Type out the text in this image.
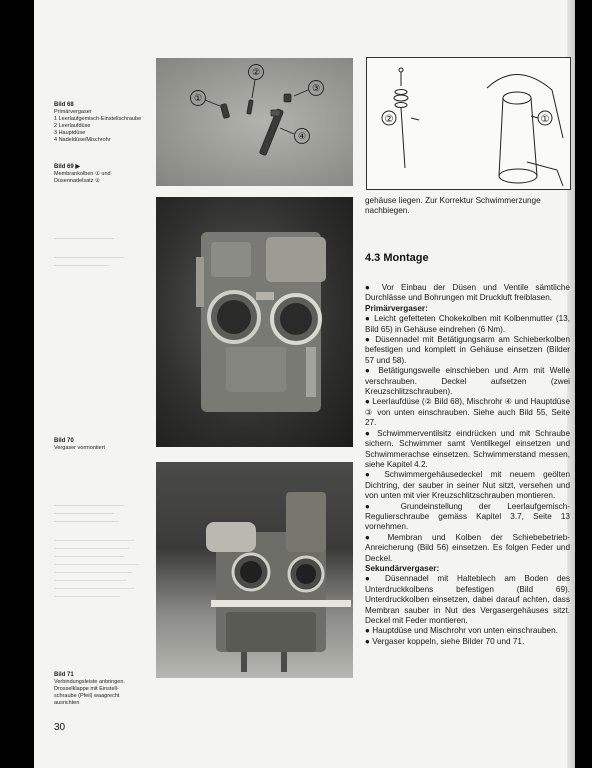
Bild 68
Primärvergaser
1 Leerlaufgemisch-Einstellschraube
2 Leerlaufdüse
3 Hauptdüse
4 Nadeldüse/Mischrohr
Bild 69 ▶
Membrankolben ① und
Düsennadelsatz ②
Bild 70
Vergaser vormontiert
Bild 71
Verbindungsleiste anbringen.
Drosselklappe mit Einstell-
schraube (Pfeil) waagrecht
ausrichten
①
②
③
④
②	①
gehäuse liegen. Zur Korrektur Schwimmerzunge nachbiegen.
4.3 Montage

● Vor Einbau der Düsen und Ventile sämtliche Durchlässe und Bohrungen mit Druckluft freiblasen.

Primärvergaser:

● Leicht gefetteten Chokekolben mit Kolbenmutter (13, Bild 65) in Gehäuse eindrehen (6 Nm).

● Düsennadel mit Betätigungsarm am Schieberkolben befestigen und komplett in Gehäuse einsetzen (Bilder 57 und 58).

● Betätigungswelle einschieben und Arm mit Welle verschrauben. Deckel aufsetzen (zwei Kreuzschlitzschrauben).

● Leerlaufdüse (② Bild 68), Mischrohr ④ und Hauptdüse ③ von unten einschrauben. Siehe auch Bild 55, Seite 27.

● Schwimmerventilsitz eindrücken und mit Schraube sichern. Schwimmer samt Ventilkegel einsetzen und Schwimmerachse einsetzen. Schwimmerstand messen, siehe Kapitel 4.2.

● Schwimmergehäusedeckel mit neuem geölten Dichtring, der sauber in seiner Nut sitzt, versehen und von unten mit vier Kreuzschlitzschrauben montieren.

● Grundeinstellung der Leerlaufgemisch-Regulierschraube gemäss Kapitel 3.7, Seite 13 vornehmen.

● Membran und Kolben der Schiebebetrieb-Anreicherung (Bild 56) einsetzen. Es folgen Feder und Deckel.

Sekundärvergaser:

● Düsennadel mit Halteblech am Boden des Unterdruckkolbens befestigen (Bild 69). Unterdruckkolben einsetzen, dabei darauf achten, dass Membran sauber in Nut des Vergasergehäuses sitzt. Deckel mit Feder montieren.

● Hauptdüse und Mischrohr von unten einschrauben.

● Vergaser koppeln, siehe Bilder 70 und 71.

30
